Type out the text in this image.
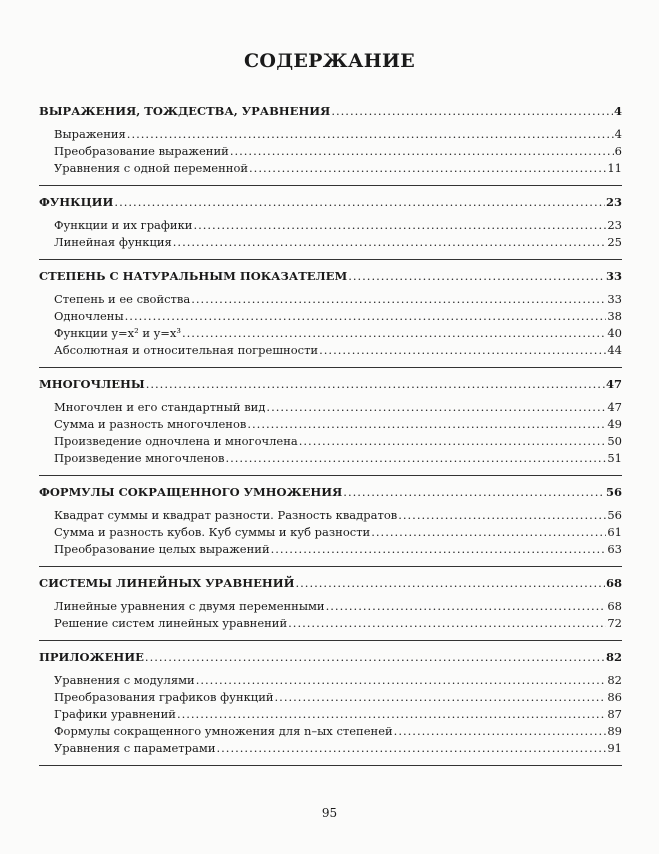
СОДЕРЖАНИЕ
ВЫРАЖЕНИЯ, ТОЖДЕСТВА, УРАВНЕНИЯ .....	4
Выражения .....	4
Преобразование выражений .....	6
Уравнения с одной переменной .....	11
ФУНКЦИИ .....	23
Функции и их графики .....	23
Линейная функция .....	25
СТЕПЕНЬ С НАТУРАЛЬНЫМ ПОКАЗАТЕЛЕМ .....	33
Степень и ее свойства .....	33
Одночлены .....	38
Функции y=x² и y=x³ .....	40
Абсолютная и относительная погрешности .....	44
МНОГОЧЛЕНЫ .....	47
Многочлен и его стандартный вид .....	47
Сумма и разность многочленов .....	49
Произведение одночлена и многочлена .....	50
Произведение многочленов .....	51
ФОРМУЛЫ СОКРАЩЕННОГО УМНОЖЕНИЯ .....	56
Квадрат суммы и квадрат разности. Разность квадратов .....	56
Сумма и разность кубов. Куб суммы и куб разности .....	61
Преобразование целых выражений .....	63
СИСТЕМЫ ЛИНЕЙНЫХ УРАВНЕНИЙ .....	68
Линейные уравнения с двумя переменными .....	68
Решение систем линейных уравнений .....	72
ПРИЛОЖЕНИЕ .....	82
Уравнения с модулями .....	82
Преобразования графиков функций .....	86
Графики уравнений .....	87
Формулы сокращенного умножения для n–ых степеней .....	89
Уравнения с параметрами .....	91
95
